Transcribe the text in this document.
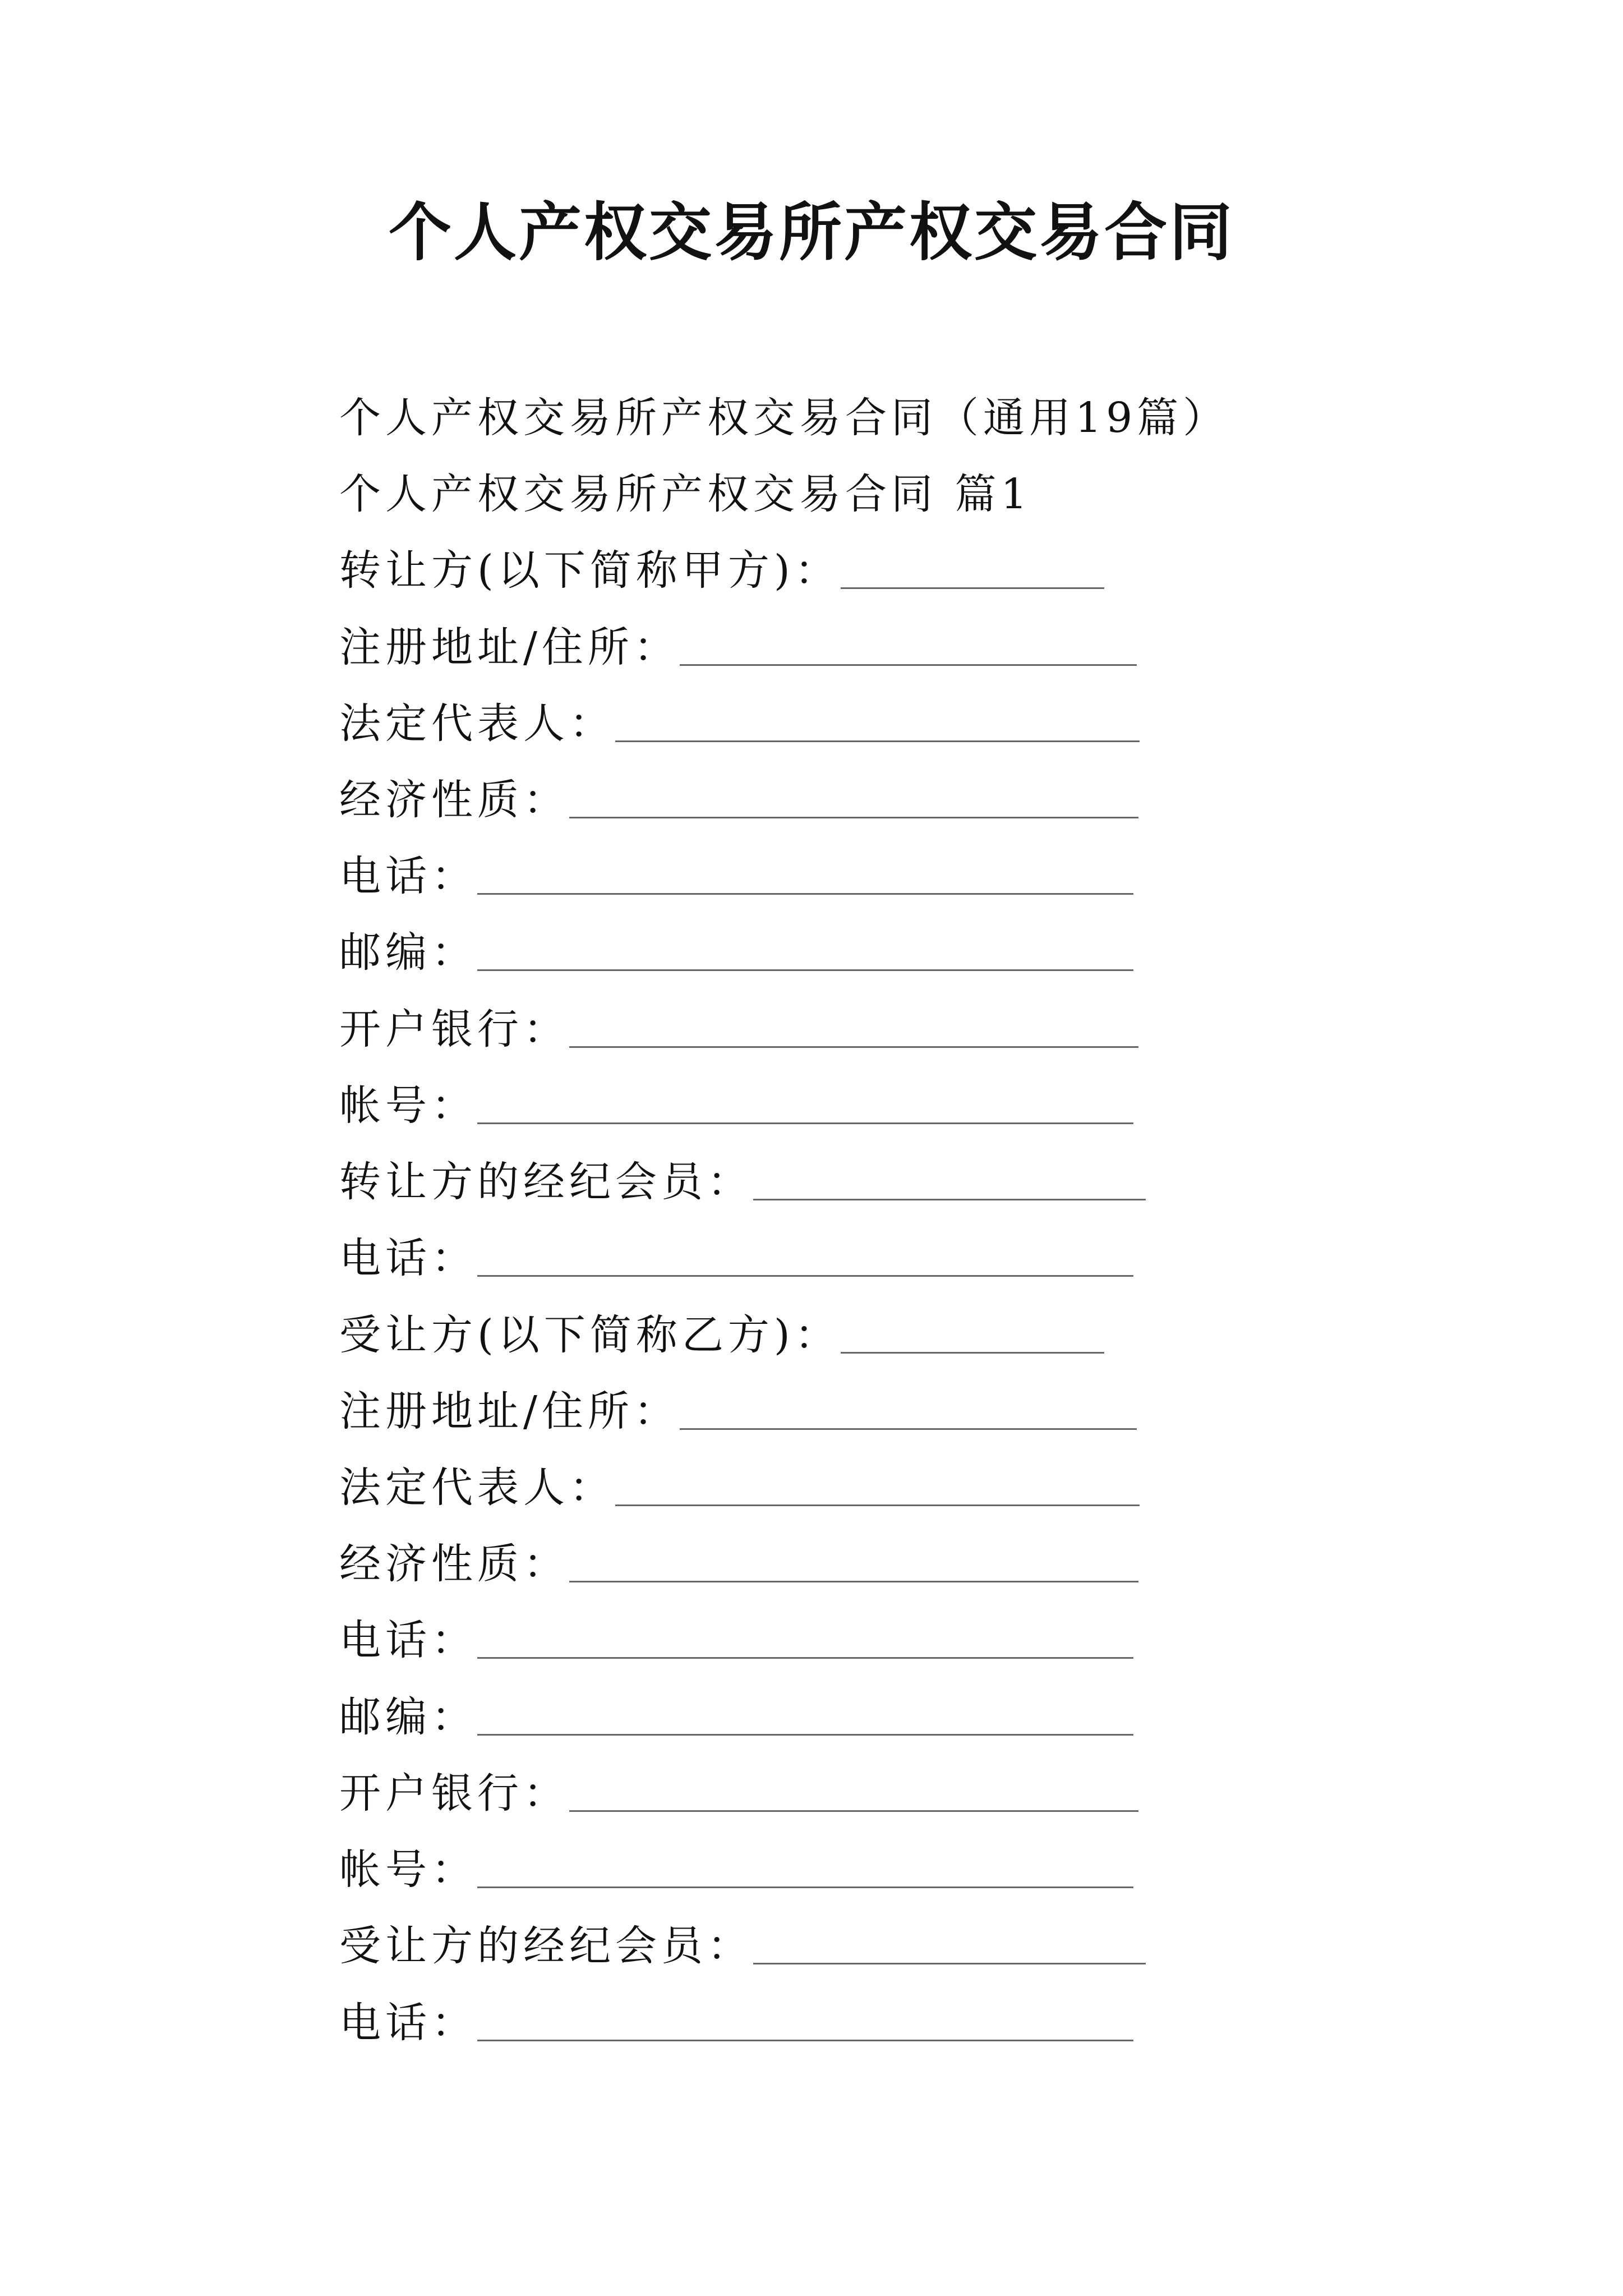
个人产权交易所产权交易合同
个人产权交易所产权交易合同（通用19篇）
个人产权交易所产权交易合同 篇1
转让方(以下简称甲方)：
注册地址/住所：
法定代表人：
经济性质：
电话：
邮编：
开户银行：
帐号：
转让方的经纪会员：
电话：
受让方(以下简称乙方)：
注册地址/住所：
法定代表人：
经济性质：
电话：
邮编：
开户银行：
帐号：
受让方的经纪会员：
电话：
